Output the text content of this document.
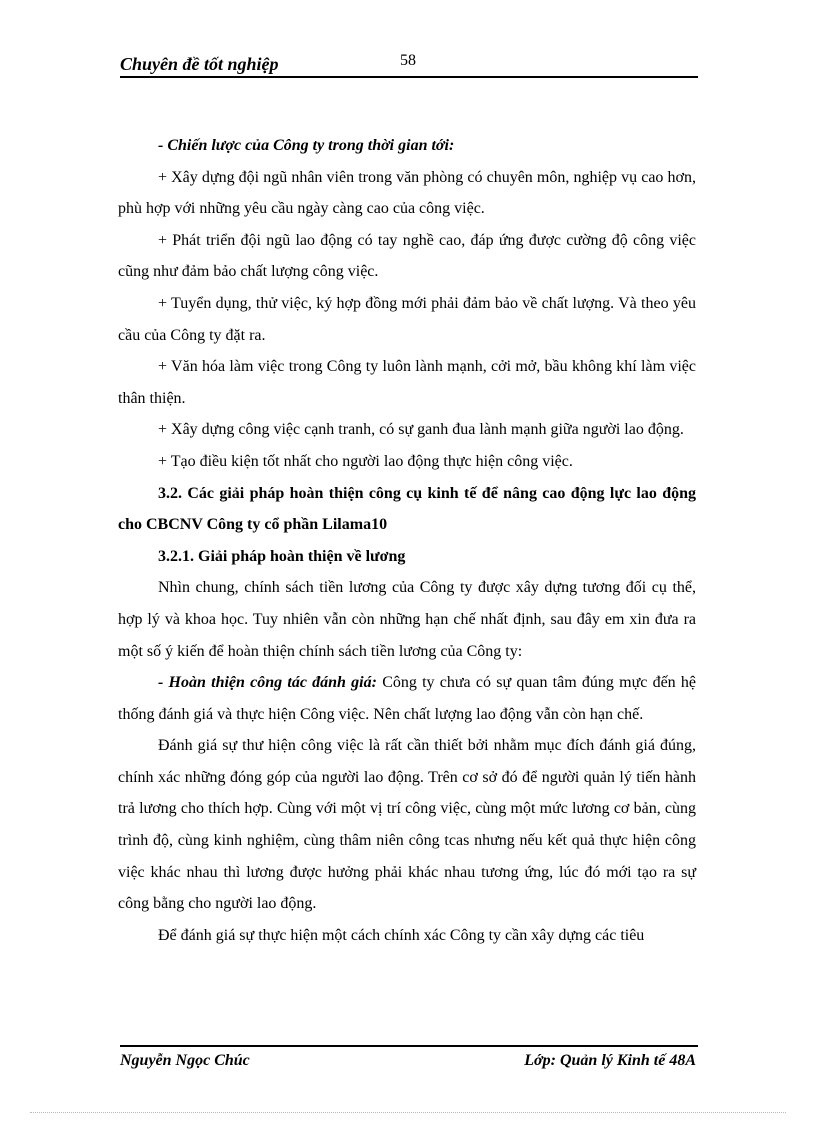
Chuyên đề tốt nghiệp	58

- Chiến lược của Công ty trong thời gian tới:

+ Xây dựng đội ngũ nhân viên trong văn phòng có chuyên môn, nghiệp vụ cao hơn, phù hợp với những yêu cầu ngày càng cao của công việc.

+ Phát triển đội ngũ lao động có tay nghề cao, đáp ứng được cường độ công việc cũng như đảm bảo chất lượng công việc.

+ Tuyển dụng, thử việc, ký hợp đồng mới phải đảm bảo về chất lượng. Và theo yêu cầu của Công ty đặt ra.

+ Văn hóa làm việc trong Công ty luôn lành mạnh, cởi mở, bầu không khí làm việc thân thiện.

+ Xây dựng công việc cạnh tranh, có sự ganh đua lành mạnh giữa người lao động.

+ Tạo điều kiện tốt nhất cho người lao động thực hiện công việc.

3.2. Các giải pháp hoàn thiện công cụ kinh tế để nâng cao động lực lao động cho CBCNV Công ty cổ phần Lilama10

3.2.1. Giải pháp hoàn thiện về lương

Nhìn chung, chính sách tiền lương của Công ty được xây dựng tương đối cụ thể, hợp lý và khoa học. Tuy nhiên vẫn còn những hạn chế nhất định, sau đây em xin đưa ra một số ý kiến để hoàn thiện chính sách tiền lương của Công ty:

- Hoàn thiện công tác đánh giá: Công ty chưa có sự quan tâm đúng mực đến hệ thống đánh giá và thực hiện Công việc. Nên chất lượng lao động vẫn còn hạn chế.

Đánh giá sự thư hiện công việc là rất cần thiết bởi nhằm mục đích đánh giá đúng, chính xác những đóng góp của người lao động. Trên cơ sở đó để người quản lý tiến hành trả lương cho thích hợp. Cùng với một vị trí công việc, cùng một mức lương cơ bản, cùng trình độ, cùng kinh nghiệm, cùng thâm niên công tcas nhưng nếu kết quả thực hiện công việc khác nhau thì lương được hưởng phải khác nhau tương ứng, lúc đó mới tạo ra sự công bằng cho người lao động.

Để đánh giá sự thực hiện một cách chính xác Công ty cần xây dựng các tiêu

Nguyễn Ngọc Chúc	Lớp: Quản lý Kinh tế 48A
